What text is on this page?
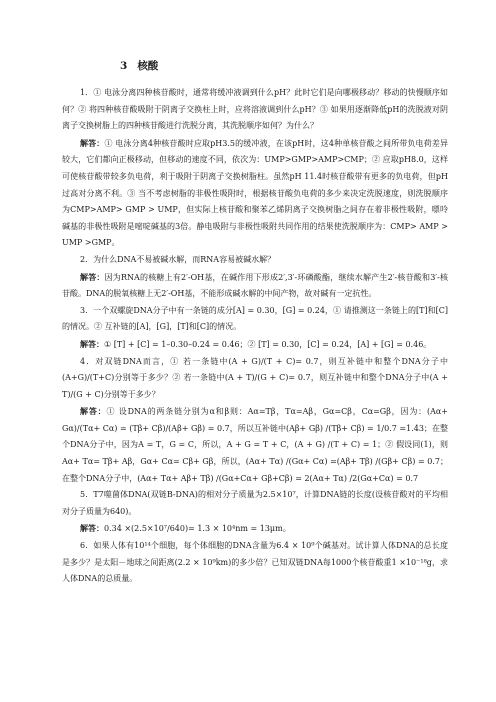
3 核酸

1．① 电泳分离四种核苷酸时，通常将缓冲液调到什么pH？此时它们是向哪极移动？移动的快慢顺序如何？② 将四种核苷酸吸附于阴离子交换柱上时，应将溶液调到什么pH？③ 如果用逐渐降低pH的洗脱液对阴离子交换树脂上的四种核苷酸进行洗脱分离，其洗脱顺序如何？为什么？

解答：① 电泳分离4种核苷酸时应取pH3.5的缓冲液，在该pH时，这4种单核苷酸之间所带负电荷差异较大，它们都向正极移动，但移动的速度不同，依次为：UMP>GMP>AMP>CMP；② 应取pH8.0，这样可使核苷酸带较多负电荷，利于吸附于阴离子交换树脂柱。虽然pH 11.4时核苷酸带有更多的负电荷，但pH过高对分离不利。③ 当不考虑树脂的非极性吸附时，根据核苷酸负电荷的多少来决定洗脱速度，则洗脱顺序为CMP>AMP> GMP > UMP，但实际上核苷酸和聚苯乙烯阴离子交换树脂之间存在着非极性吸附，嘌呤碱基的非极性吸附是嘧啶碱基的3倍。静电吸附与非极性吸附共同作用的结果使洗脱顺序为：CMP> AMP > UMP >GMP。

2．为什么DNA不易被碱水解，而RNA容易被碱水解？

解答：因为RNA的核糖上有2′-OH基，在碱作用下形成2′,3′-环磷酸酯，继续水解产生2′-核苷酸和3′-核苷酸。DNA的脱氧核糖上无2′-OH基，不能形成碱水解的中间产物，故对碱有一定抗性。

3．一个双螺旋DNA分子中有一条链的成分[A] = 0.30，[G] = 0.24，① 请推测这一条链上的[T]和[C]的情况。② 互补链的[A]，[G]，[T]和[C]的情况。

解答：① [T] + [C] = 1–0.30–0.24 = 0.46；② [T] = 0.30，[C] = 0.24，[A] + [G] = 0.46。

4．对双链DNA而言，① 若一条链中(A + G)/(T + C)= 0.7，则互补链中和整个DNA分子中(A+G)/(T+C)分别等于多少？② 若一条链中(A + T)/(G + C)= 0.7，则互补链中和整个DNA分子中(A + T)/(G + C)分别等于多少？

解答：① 设DNA的两条链分别为α和β则：Aα=Tβ，Tα=Aβ，Gα=Cβ，Cα=Gβ，因为：(Aα+ Gα)/(Tα+ Cα) = (Tβ+ Cβ)/(Aβ+ Gβ) = 0.7，所以互补链中(Aβ+ Gβ) /(Tβ+ Cβ) = 1/0.7 =1.43；在整个DNA分子中，因为A = T，G = C，所以，A + G = T + C，(A + G) /(T + C) = 1；② 假设同(1)，则Aα+ Tα= Tβ+ Aβ，Gα+ Cα= Cβ+ Gβ，所以，(Aα+ Tα) /(Gα+ Cα) =(Aβ+ Tβ) /(Gβ+ Cβ) = 0.7；在整个DNA分子中，(Aα+ Tα+ Aβ+ Tβ) /(Gα+Cα+ Gβ+Cβ) = 2(Aα+ Tα) /2(Gα+Cα) = 0.7

5．T7噬菌体DNA(双链B-DNA)的相对分子质量为2.5×10⁷，计算DNA链的长度(设核苷酸对的平均相对分子质量为640)。

解答：0.34 ×(2.5×10⁷/640)= 1.3 × 10⁴nm = 13μm。

6．如果人体有10¹⁴个细胞，每个体细胞的DNA含量为6.4 × 10⁹个碱基对。试计算人体DNA的总长度是多少？是太阳－地球之间距离(2.2 × 10⁹km)的多少倍？已知双链DNA每1000个核苷酸重1 ×10⁻¹⁸g，求人体DNA的总质量。
